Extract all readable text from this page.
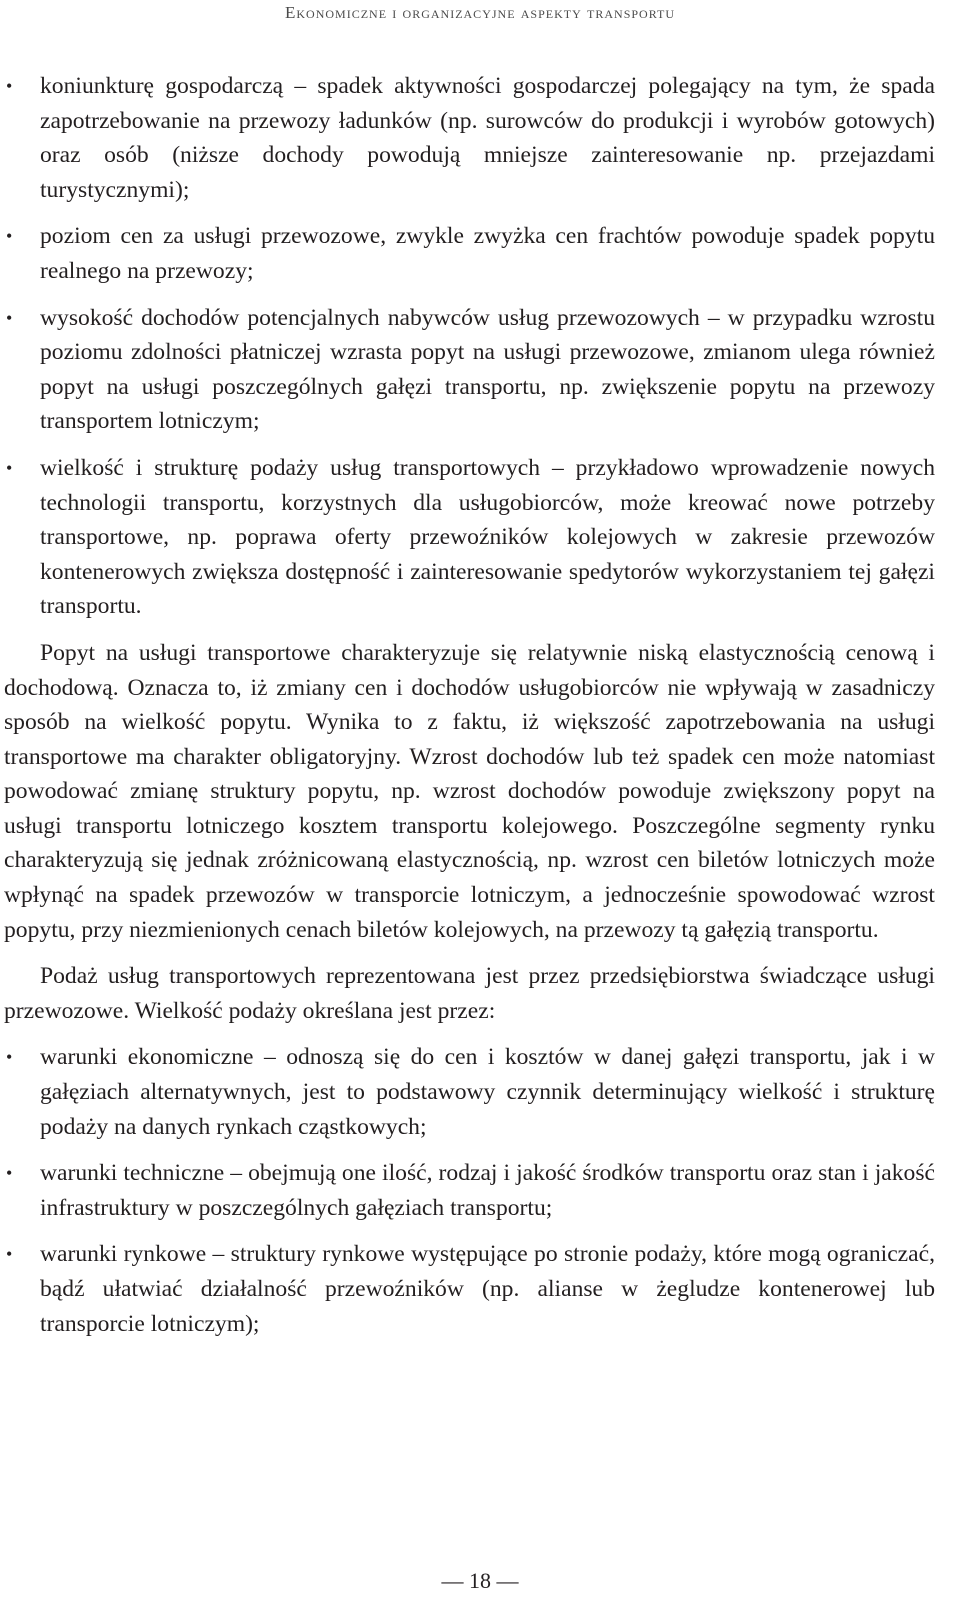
Ekonomiczne i organizacyjne aspekty transportu
• koniunkturę gospodarczą – spadek aktywności gospodarczej polegający na tym, że spada zapotrzebowanie na przewozy ładunków (np. surowców do produkcji i wyrobów gotowych) oraz osób (niższe dochody powodują mniejsze zainteresowanie np. przejazdami turystycznymi);
• poziom cen za usługi przewozowe, zwykle zwyżka cen frachtów powoduje spadek popytu realnego na przewozy;
• wysokość dochodów potencjalnych nabywców usług przewozowych – w przypadku wzrostu poziomu zdolności płatniczej wzrasta popyt na usługi przewozowe, zmianom ulega również popyt na usługi poszczególnych gałęzi transportu, np. zwiększenie popytu na przewozy transportem lotniczym;
• wielkość i strukturę podaży usług transportowych – przykładowo wprowadzenie nowych technologii transportu, korzystnych dla usługobiorców, może kreować nowe potrzeby transportowe, np. poprawa oferty przewoźników kolejowych w zakresie przewozów kontenerowych zwiększa dostępność i zainteresowanie spedytorów wykorzystaniem tej gałęzi transportu.

Popyt na usługi transportowe charakteryzuje się relatywnie niską elastycznością cenową i dochodową. Oznacza to, iż zmiany cen i dochodów usługobiorców nie wpływają w zasadniczy sposób na wielkość popytu. Wynika to z faktu, iż większość zapotrzebowania na usługi transportowe ma charakter obligatoryjny. Wzrost dochodów lub też spadek cen może natomiast powodować zmianę struktury popytu, np. wzrost dochodów powoduje zwiększony popyt na usługi transportu lotniczego kosztem transportu kolejowego. Poszczególne segmenty rynku charakteryzują się jednak zróżnicowaną elastycznością, np. wzrost cen biletów lotniczych może wpłynąć na spadek przewozów w transporcie lotniczym, a jednocześnie spowodować wzrost popytu, przy niezmienionych cenach biletów kolejowych, na przewozy tą gałęzią transportu.

Podaż usług transportowych reprezentowana jest przez przedsiębiorstwa świadczące usługi przewozowe. Wielkość podaży określana jest przez:

• warunki ekonomiczne – odnoszą się do cen i kosztów w danej gałęzi transportu, jak i w gałęziach alternatywnych, jest to podstawowy czynnik determinujący wielkość i strukturę podaży na danych rynkach cząstkowych;
• warunki techniczne – obejmują one ilość, rodzaj i jakość środków transportu oraz stan i jakość infrastruktury w poszczególnych gałęziach transportu;
• warunki rynkowe – struktury rynkowe występujące po stronie podaży, które mogą ograniczać, bądź ułatwiać działalność przewoźników (np. alianse w żegludze kontenerowej lub transporcie lotniczym);
— 18 —
